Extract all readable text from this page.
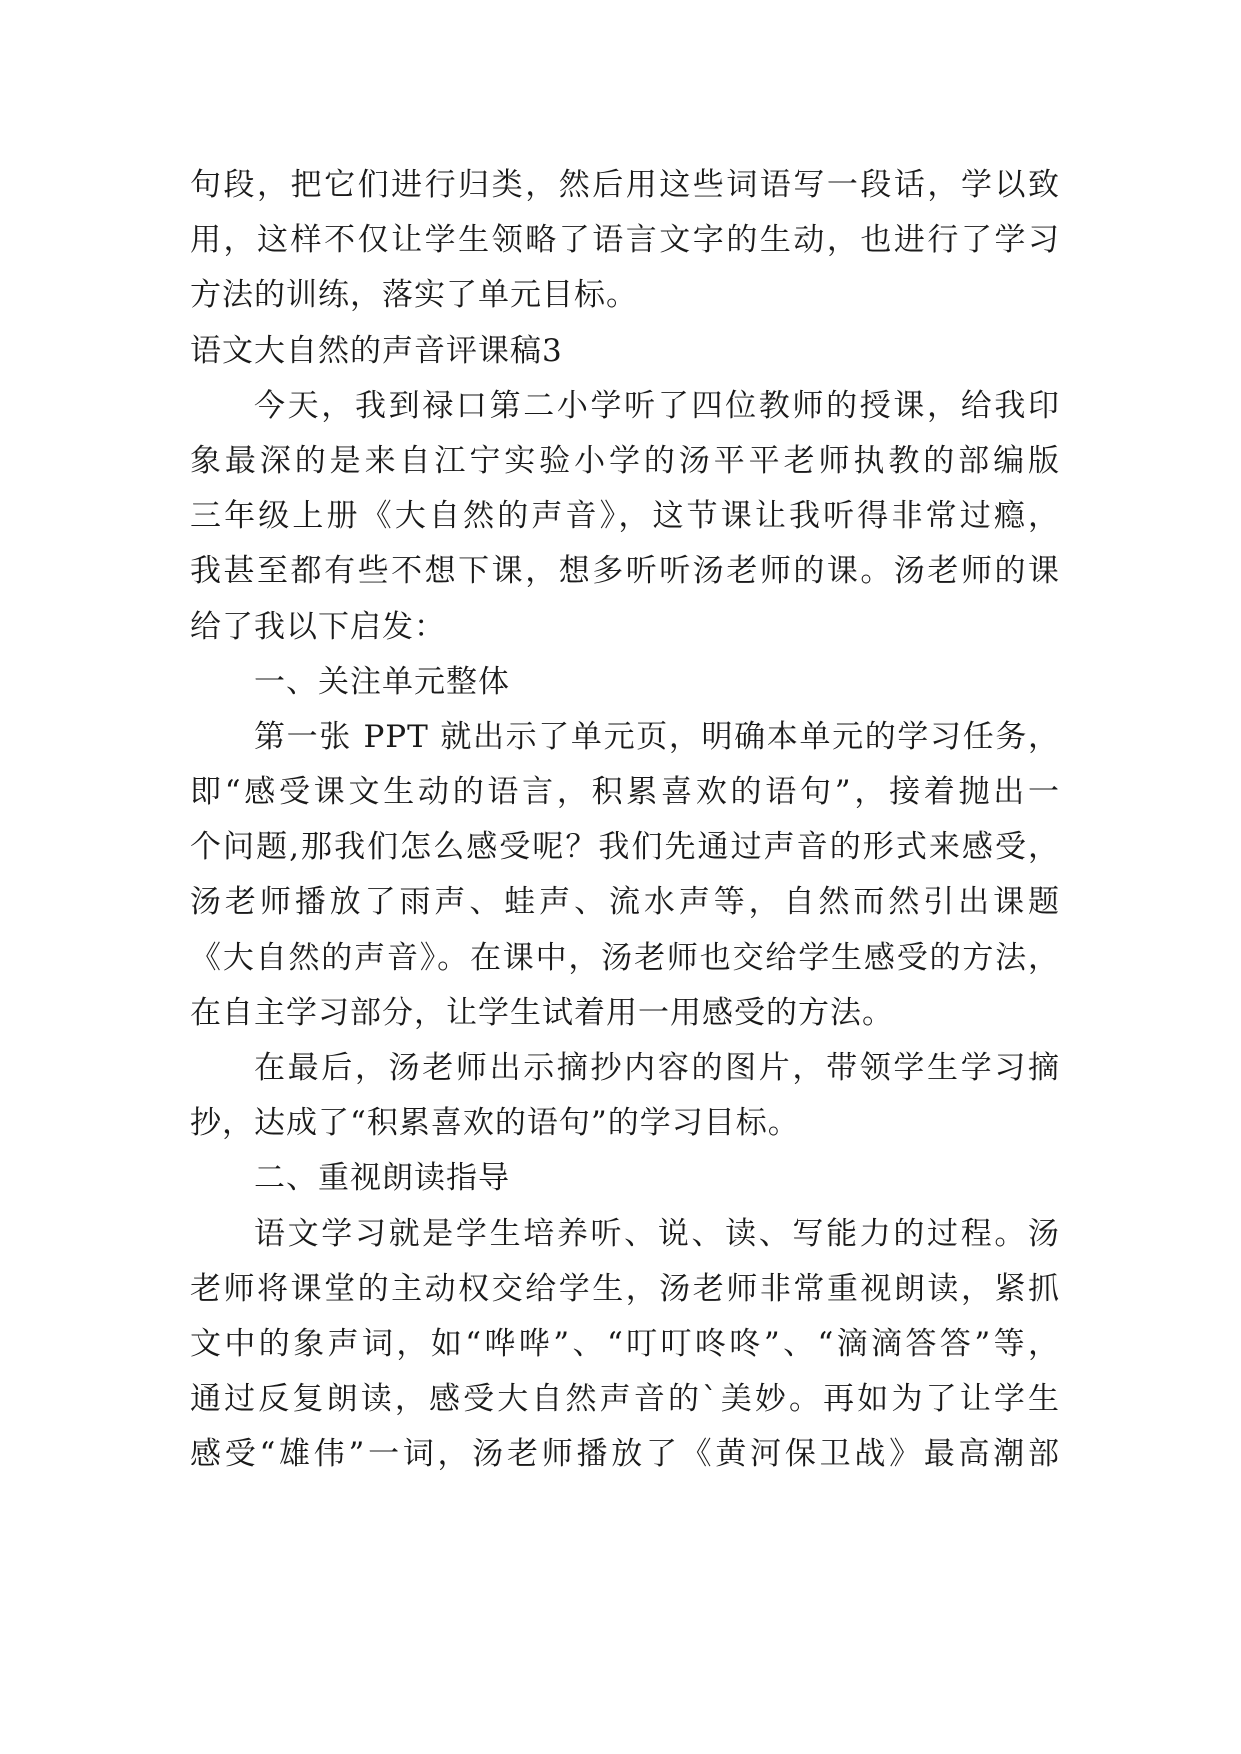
句段，把它们进行归类，然后用这些词语写一段话，学以致
用，这样不仅让学生领略了语言文字的生动，也进行了学习
方法的训练，落实了单元目标。
语文大自然的声音评课稿3
今天，我到禄口第二小学听了四位教师的授课，给我印
象最深的是来自江宁实验小学的汤平平老师执教的部编版
三年级上册《大自然的声音》，这节课让我听得非常过瘾，
我甚至都有些不想下课，想多听听汤老师的课。汤老师的课
给了我以下启发：
一、关注单元整体
第一张 PPT 就出示了单元页，明确本单元的学习任务，
即“感受课文生动的语言，积累喜欢的语句”，接着抛出一
个问题,那我们怎么感受呢？我们先通过声音的形式来感受，
汤老师播放了雨声、蛙声、流水声等，自然而然引出课题
《大自然的声音》。在课中，汤老师也交给学生感受的方法，
在自主学习部分，让学生试着用一用感受的方法。
在最后，汤老师出示摘抄内容的图片，带领学生学习摘
抄，达成了“积累喜欢的语句”的学习目标。
二、重视朗读指导
语文学习就是学生培养听、说、读、写能力的过程。汤
老师将课堂的主动权交给学生，汤老师非常重视朗读，紧抓
文中的象声词，如“哗哗”、“叮叮咚咚”、“滴滴答答”等，
通过反复朗读，感受大自然声音的`美妙。再如为了让学生
感受“雄伟”一词，汤老师播放了《黄河保卫战》最高潮部
